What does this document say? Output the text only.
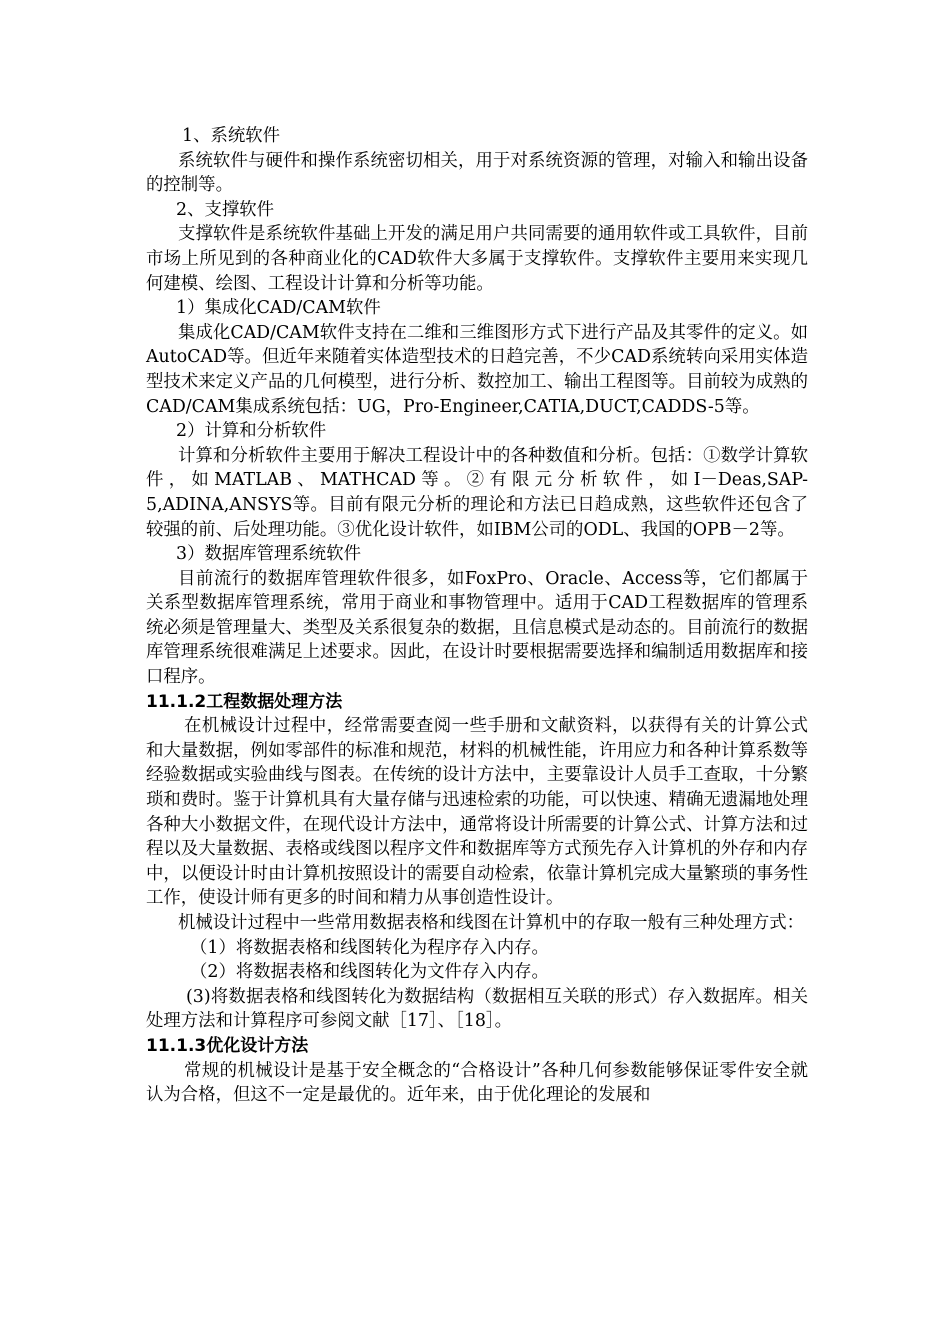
1、系统软件

系统软件与硬件和操作系统密切相关，用于对系统资源的管理，对输入和输出设备的控制等。

2、支撑软件

支撑软件是系统软件基础上开发的满足用户共同需要的通用软件或工具软件，目前市场上所见到的各种商业化的CAD软件大多属于支撑软件。支撑软件主要用来实现几何建模、绘图、工程设计计算和分析等功能。

1）集成化CAD/CAM软件

集成化CAD/CAM软件支持在二维和三维图形方式下进行产品及其零件的定义。如AutoCAD等。但近年来随着实体造型技术的日趋完善，不少CAD系统转向采用实体造型技术来定义产品的几何模型，进行分析、数控加工、输出工程图等。目前较为成熟的CAD/CAM集成系统包括：UG，Pro-Engineer,CATIA,DUCT,CADDS-5等。

2）计算和分析软件

计算和分析软件主要用于解决工程设计中的各种数值和分析。包括：①数学计算软件，如MATLAB、MATHCAD等。②有限元分析软件，如I－Deas,SAP-5,ADINA,ANSYS等。目前有限元分析的理论和方法已日趋成熟，这些软件还包含了较强的前、后处理功能。③优化设计软件，如IBM公司的ODL、我国的OPB－2等。

3）数据库管理系统软件

目前流行的数据库管理软件很多，如FoxPro、Oracle、Access等，它们都属于关系型数据库管理系统，常用于商业和事物管理中。适用于CAD工程数据库的管理系统必须是管理量大、类型及关系很复杂的数据，且信息模式是动态的。目前流行的数据库管理系统很难满足上述要求。因此，在设计时要根据需要选择和编制适用数据库和接口程序。

11.1.2工程数据处理方法

在机械设计过程中，经常需要查阅一些手册和文献资料，以获得有关的计算公式和大量数据，例如零部件的标准和规范，材料的机械性能，许用应力和各种计算系数等经验数据或实验曲线与图表。在传统的设计方法中，主要靠设计人员手工查取，十分繁琐和费时。鉴于计算机具有大量存储与迅速检索的功能，可以快速、精确无遗漏地处理各种大小数据文件，在现代设计方法中，通常将设计所需要的计算公式、计算方法和过程以及大量数据、表格或线图以程序文件和数据库等方式预先存入计算机的外存和内存中，以便设计时由计算机按照设计的需要自动检索，依靠计算机完成大量繁琐的事务性工作，使设计师有更多的时间和精力从事创造性设计。

机械设计过程中一些常用数据表格和线图在计算机中的存取一般有三种处理方式：

（1）将数据表格和线图转化为程序存入内存。

（2）将数据表格和线图转化为文件存入内存。

(3)将数据表格和线图转化为数据结构（数据相互关联的形式）存入数据库。相关处理方法和计算程序可参阅文献［17］、［18］。

11.1.3优化设计方法

常规的机械设计是基于安全概念的“合格设计”各种几何参数能够保证零件安全就认为合格，但这不一定是最优的。近年来，由于优化理论的发展和
